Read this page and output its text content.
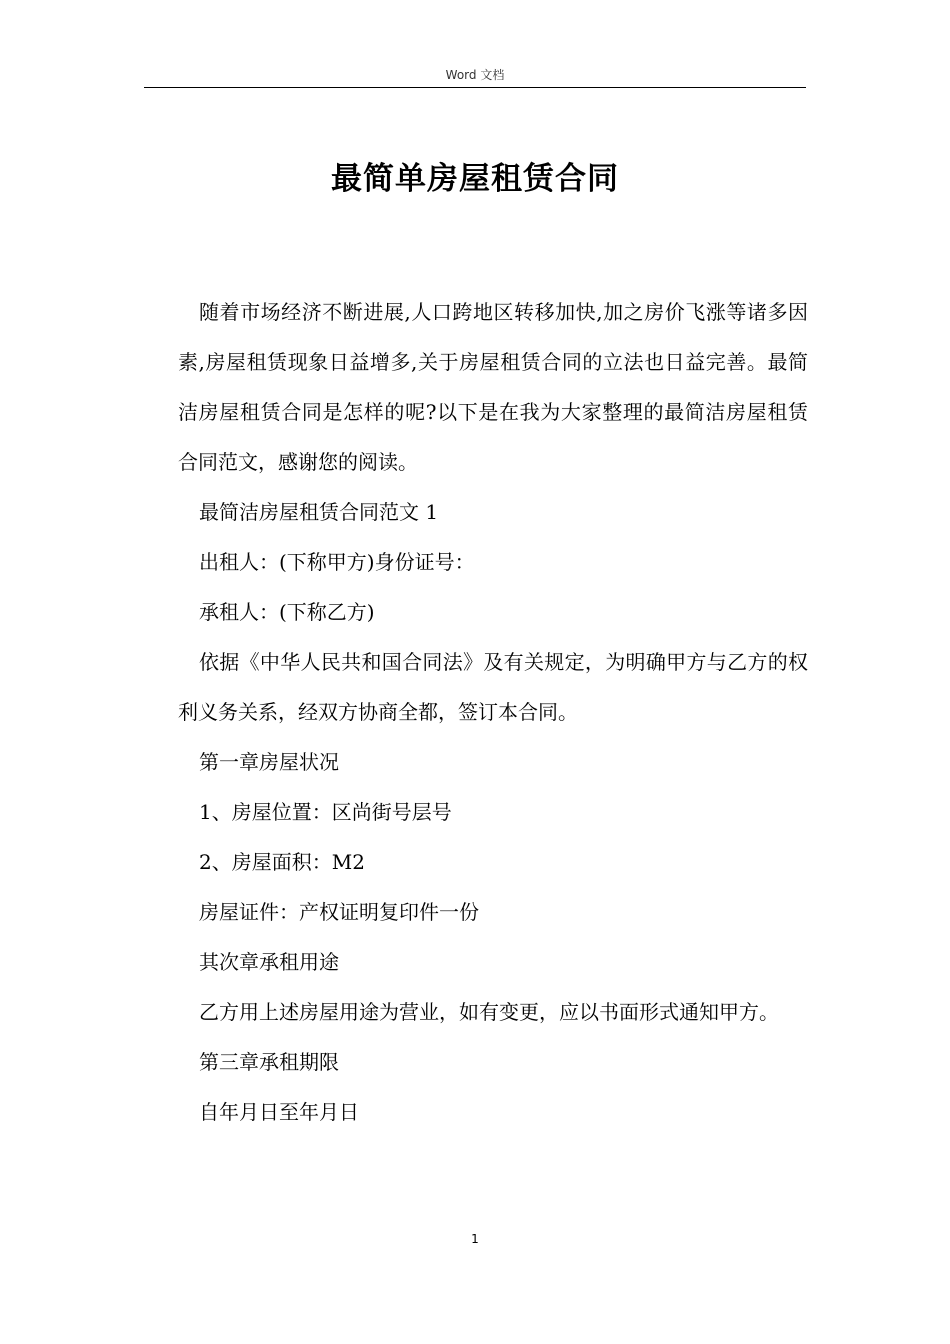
Word 文档
最简单房屋租赁合同

随着市场经济不断进展,人口跨地区转移加快,加之房价飞涨等诸多因素,房屋租赁现象日益增多,关于房屋租赁合同的立法也日益完善。最简洁房屋租赁合同是怎样的呢?以下是在我为大家整理的最简洁房屋租赁合同范文，感谢您的阅读。

最简洁房屋租赁合同范文 1

出租人：(下称甲方)身份证号：

承租人：(下称乙方)

依据《中华人民共和国合同法》及有关规定，为明确甲方与乙方的权利义务关系，经双方协商全都，签订本合同。

第一章房屋状况

1、房屋位置：区尚街号层号

2、房屋面积：M2

房屋证件：产权证明复印件一份

其次章承租用途

乙方用上述房屋用途为营业，如有变更，应以书面形式通知甲方。

第三章承租期限

自年月日至年月日

1
